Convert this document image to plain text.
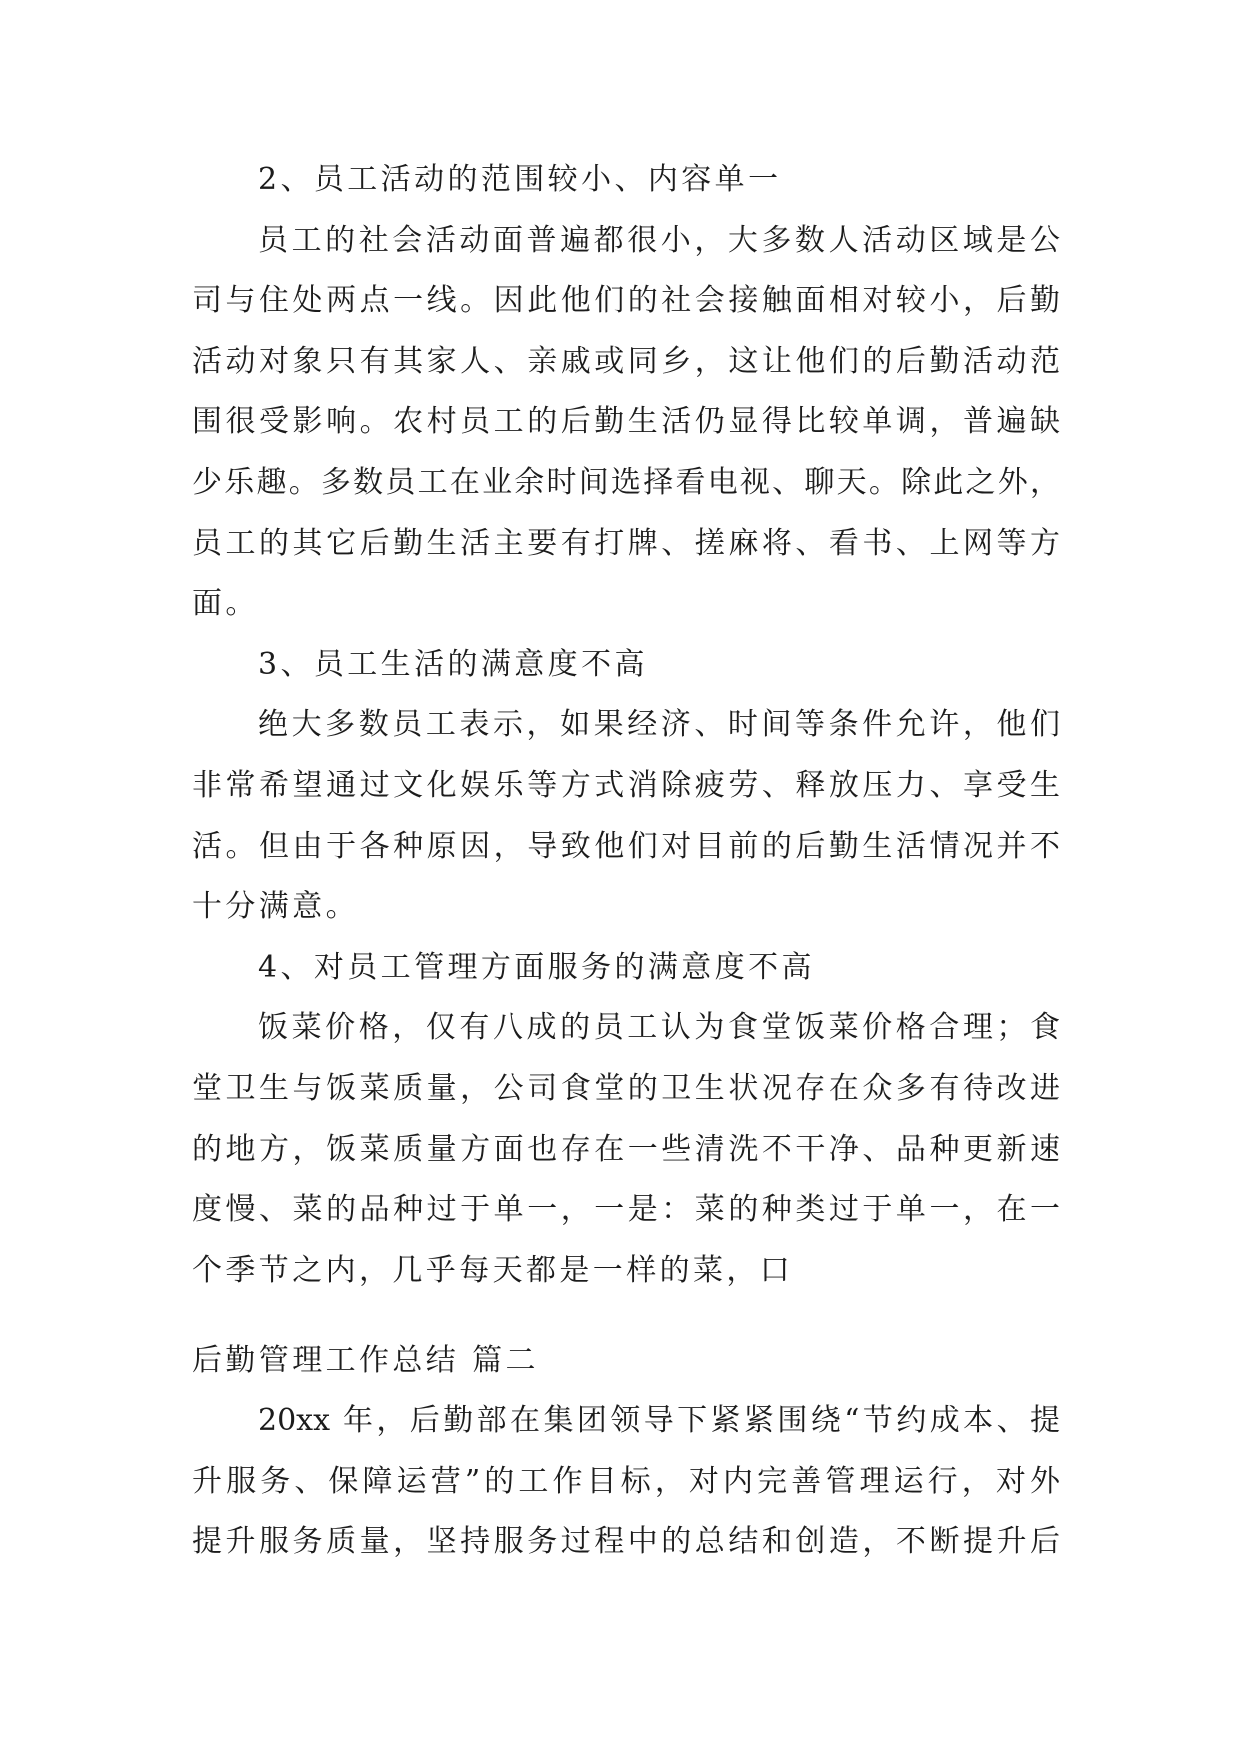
2、员工活动的范围较小、内容单一
员工的社会活动面普遍都很小，大多数人活动区域是公
司与住处两点一线。因此他们的社会接触面相对较小，后勤
活动对象只有其家人、亲戚或同乡，这让他们的后勤活动范
围很受影响。农村员工的后勤生活仍显得比较单调，普遍缺
少乐趣。多数员工在业余时间选择看电视、聊天。除此之外，
员工的其它后勤生活主要有打牌、搓麻将、看书、上网等方
面。
3、员工生活的满意度不高
绝大多数员工表示，如果经济、时间等条件允许，他们
非常希望通过文化娱乐等方式消除疲劳、释放压力、享受生
活。但由于各种原因，导致他们对目前的后勤生活情况并不
十分满意。
4、对员工管理方面服务的满意度不高
饭菜价格，仅有八成的员工认为食堂饭菜价格合理；食
堂卫生与饭菜质量，公司食堂的卫生状况存在众多有待改进
的地方，饭菜质量方面也存在一些清洗不干净、品种更新速
度慢、菜的品种过于单一，一是：菜的种类过于单一，在一
个季节之内，几乎每天都是一样的菜，口
后勤管理工作总结 篇二
20xx 年，后勤部在集团领导下紧紧围绕“节约成本、提
升服务、保障运营”的工作目标，对内完善管理运行，对外
提升服务质量，坚持服务过程中的总结和创造，不断提升后
